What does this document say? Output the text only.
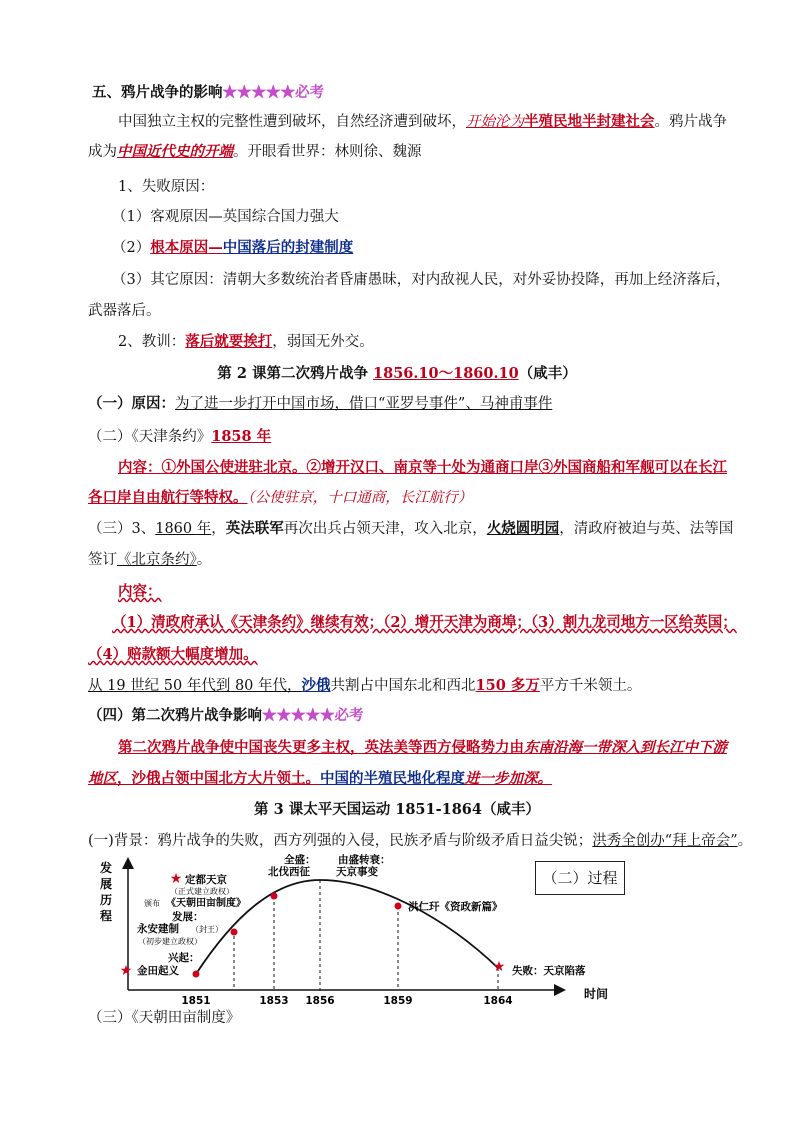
五、鸦片战争的影响★★★★★必考
中国独立主权的完整性遭到破坏，自然经济遭到破坏，开始沦为半殖民地半封建社会。鸦片战争
成为中国近代史的开端。开眼看世界：林则徐、魏源
1、失败原因：
（1）客观原因—英国综合国力强大
（2）根本原因—中国落后的封建制度
（3）其它原因：清朝大多数统治者昏庸愚昧，对内敌视人民，对外妥协投降，再加上经济落后，
武器落后。
2、教训：落后就要挨打，弱国无外交。
第 2 课第二次鸦片战争 1856.10～1860.10（咸丰）
（一）原因：为了进一步打开中国市场，借口“亚罗号事件”、马神甫事件
（二）《天津条约》1858 年
内容：①外国公使进驻北京。②增开汉口、南京等十处为通商口岸③外国商船和军舰可以在长江
各口岸自由航行等特权。（公使驻京，十口通商，长江航行）
（三）3、1860 年，英法联军再次出兵占领天津，攻入北京，火烧圆明园，清政府被迫与英、法等国
签订《北京条约》。
内容：
（1）清政府承认《天津条约》继续有效；（2）增开天津为商埠；（3）割九龙司地方一区给英国；
（4）赔款额大幅度增加。
从 19 世纪 50 年代到 80 年代，沙俄共割占中国东北和西北150 多万平方千米领土。
（四）第二次鸦片战争影响★★★★★必考
第二次鸦片战争使中国丧失更多主权，英法美等西方侵略势力由东南沿海一带深入到长江中下游
地区，沙俄占领中国北方大片领土。中国的半殖民地化程度进一步加深。
第 3 课太平天国运动 1851-1864（咸丰）
(一)背景：鸦片战争的失败，西方列强的入侵，民族矛盾与阶级矛盾日益尖锐；洪秀全创办“拜上帝会”。
发
展
历
程
时间
★
★
★
兴起：
金田起义
发展：
永安建制 （封王）
（初步建立政权）
定都天京
（正式建立政权）
颁布 《天朝田亩制度》
全盛：
北伐西征
由盛转衰：
天京事变
洪仁玕《资政新篇》
失败：天京陷落
1851	1853 1856	1859	1864
（二）过程
（三）《天朝田亩制度》
